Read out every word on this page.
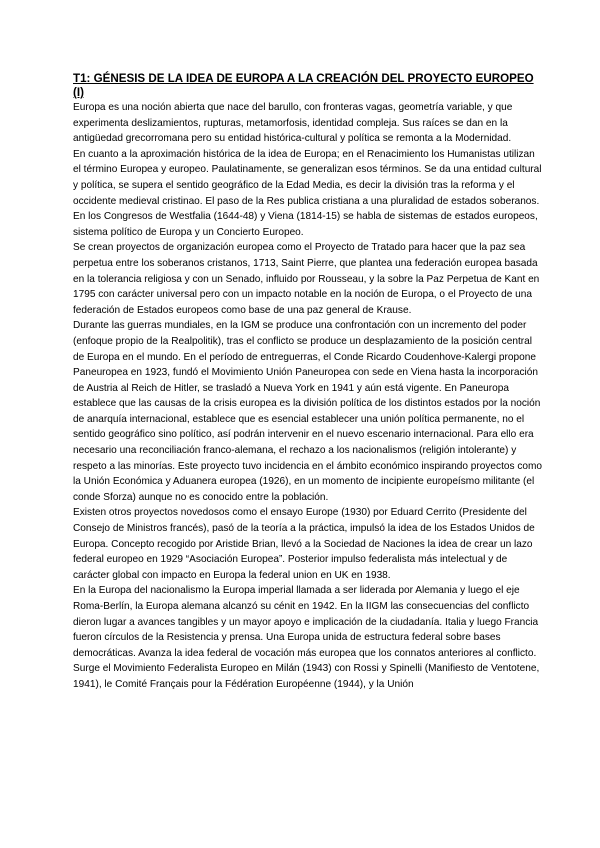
T1: GÉNESIS DE LA IDEA DE EUROPA A LA CREACIÓN DEL PROYECTO EUROPEO (I)

Europa es una noción abierta que nace del barullo, con fronteras vagas, geometría variable, y que experimenta deslizamientos, rupturas, metamorfosis, identidad compleja. Sus raíces se dan en la antigüedad grecorromana pero su entidad histórica-cultural y política se remonta a la Modernidad.

En cuanto a la aproximación histórica de la idea de Europa; en el Renacimiento los Humanistas utilizan el término Europea y europeo. Paulatinamente, se generalizan esos términos. Se da una entidad cultural y política, se supera el sentido geográfico de la Edad Media, es decir la división tras la reforma y el occidente medieval cristinao. El paso de la Res publica cristiana a una pluralidad de estados soberanos. En los Congresos de Westfalia (1644-48) y Viena (1814-15) se habla de sistemas de estados europeos, sistema político de Europa y un Concierto Europeo.

Se crean proyectos de organización europea como el Proyecto de Tratado para hacer que la paz sea perpetua entre los soberanos cristanos, 1713, Saint Pierre, que plantea una federación europea basada en la tolerancia religiosa y con un Senado, influido por Rousseau, y la sobre la Paz Perpetua de Kant en 1795 con carácter universal pero con un impacto notable en la noción de Europa, o el Proyecto de una federación de Estados europeos como base de una paz general de Krause.

Durante las guerras mundiales, en la IGM se produce una confrontación con un incremento del poder (enfoque propio de la Realpolitik), tras el conflicto se produce un desplazamiento de la posición central de Europa en el mundo. En el período de entreguerras, el Conde Ricardo Coudenhove-Kalergi propone Paneuropea en 1923, fundó el Movimiento Unión Paneuropea con sede en Viena hasta la incorporación de Austria al Reich de Hitler, se trasladó a Nueva York en 1941 y aún está vigente. En Paneuropa establece que las causas de la crisis europea es la división política de los distintos estados por la noción de anarquía internacional, establece que es esencial establecer una unión política permanente, no el sentido geográfico sino político, así podrán intervenir en el nuevo escenario internacional. Para ello era necesario una reconciliación franco-alemana, el rechazo a los nacionalismos (religión intolerante) y respeto a las minorías. Este proyecto tuvo incidencia en el ámbito económico inspirando proyectos como la Unión Económica y Aduanera europea (1926), en un momento de incipiente europeísmo militante (el conde Sforza) aunque no es conocido entre la población.

Existen otros proyectos novedosos como el ensayo Europe (1930) por Eduard Cerrito (Presidente del Consejo de Ministros francés), pasó de la teoría a la práctica, impulsó la idea de los Estados Unidos de Europa. Concepto recogido por Aristide Brian, llevó a la Sociedad de Naciones la idea de crear un lazo federal europeo en 1929 “Asociación Europea”. Posterior impulso federalista más intelectual y de carácter global con impacto en Europa la federal union en UK en 1938.

En la Europa del nacionalismo la Europa imperial llamada a ser liderada por Alemania y luego el eje Roma-Berlín, la Europa alemana alcanzó su cénit en 1942. En la IIGM las consecuencias del conflicto dieron lugar a avances tangibles y un mayor apoyo e implicación de la ciudadanía. Italia y luego Francia fueron círculos de la Resistencia y prensa. Una Europa unida de estructura federal sobre bases democráticas. Avanza la idea federal de vocación más europea que los connatos anteriores al conflicto. Surge el Movimiento Federalista Europeo en Milán (1943) con Rossi y Spinelli (Manifiesto de Ventotene, 1941), le Comité Français pour la Fédération Européenne (1944), y la Unión
